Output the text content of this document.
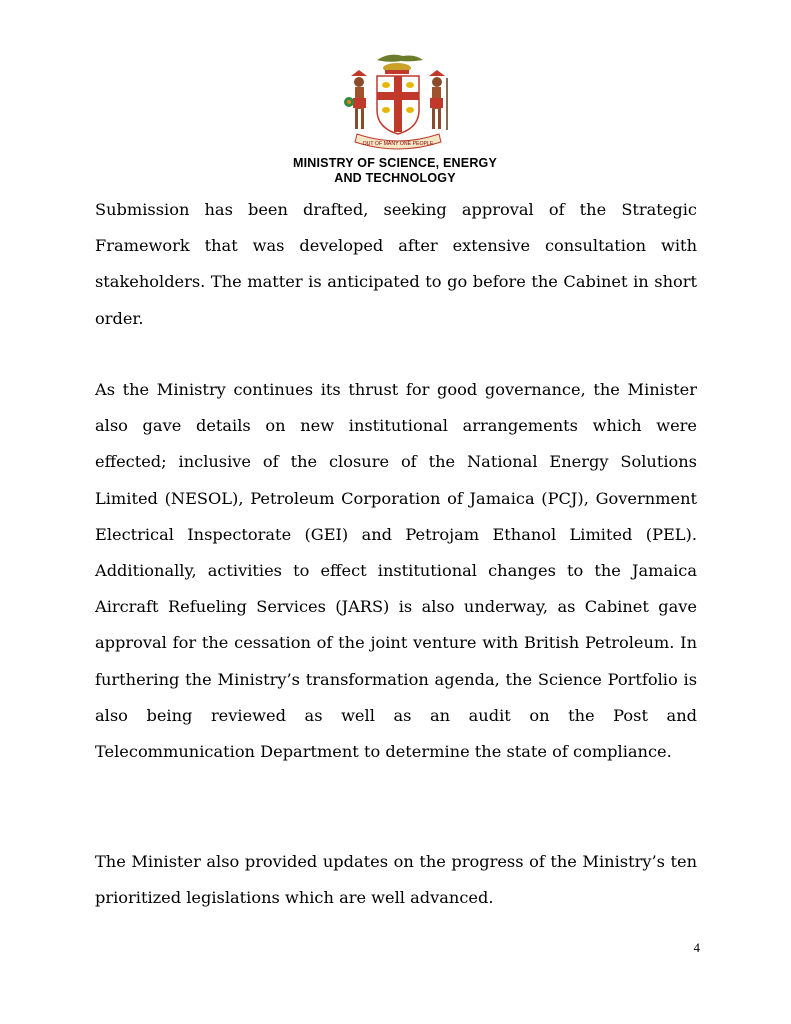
OUT OF MANY ONE PEOPLE
MINISTRY OF SCIENCE, ENERGY
AND TECHNOLOGY

Submission has been drafted, seeking approval of the Strategic Framework that was developed after extensive consultation with stakeholders. The matter is anticipated to go before the Cabinet in short order.

As the Ministry continues its thrust for good governance, the Minister also gave details on new institutional arrangements which were effected; inclusive of the closure of the National Energy Solutions Limited (NESOL), Petroleum Corporation of Jamaica (PCJ), Government Electrical Inspectorate (GEI) and Petrojam Ethanol Limited (PEL). Additionally, activities to effect institutional changes to the Jamaica Aircraft Refueling Services (JARS) is also underway, as Cabinet gave approval for the cessation of the joint venture with British Petroleum. In furthering the Ministry’s transformation agenda, the Science Portfolio is also being reviewed as well as an audit on the Post and Telecommunication Department to determine the state of compliance.

The Minister also provided updates on the progress of the Ministry’s ten prioritized legislations which are well advanced.

4
